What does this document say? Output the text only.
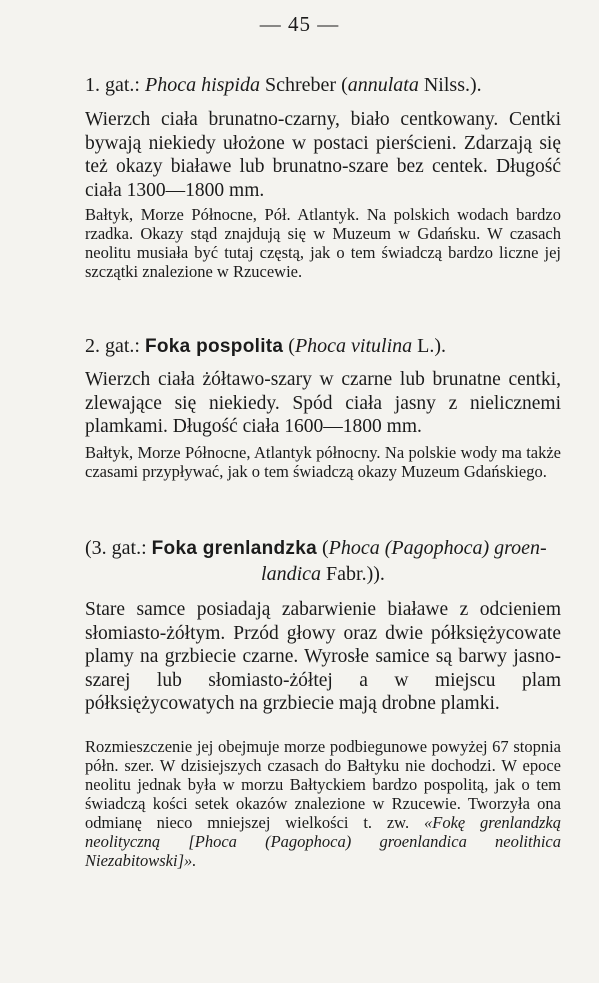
— 45 —
1. gat.: Phoca hispida Schreber (annulata Nilss.).
Wierzch ciała brunatno-czarny, biało centkowany. Centki bywają niekiedy ułożone w postaci pierścieni. Zdarzają się też okazy białawe lub brunatno-szare bez centek. Długość ciała 1300—1800 mm.
Bałtyk, Morze Północne, Pół. Atlantyk. Na polskich wodach bardzo rzadka. Okazy stąd znajdują się w Muzeum w Gdańsku. W czasach neolitu musiała być tutaj częstą, jak o tem świadczą bardzo liczne jej szczątki znalezione w Rzucewie.
2. gat.: Foka pospolita (Phoca vitulina L.).
Wierzch ciała żółtawo-szary w czarne lub brunatne centki, zlewające się niekiedy. Spód ciała jasny z nielicznemi plamkami. Długość ciała 1600—1800 mm.
Bałtyk, Morze Północne, Atlantyk północny. Na polskie wody ma także czasami przypływać, jak o tem świadczą okazy Muzeum Gdańskiego.
(3. gat.: Foka grenlandzka (Phoca (Pagophoca) groen-
landica Fabr.)).
Stare samce posiadają zabarwienie białawe z odcieniem słomiasto-żółtym. Przód głowy oraz dwie półksiężycowate plamy na grzbiecie czarne. Wyrosłe samice są barwy jasno-szarej lub słomiasto-żółtej a w miejscu plam półksiężycowatych na grzbiecie mają drobne plamki.
Rozmieszczenie jej obejmuje morze podbiegunowe powyżej 67 stopnia półn. szer. W dzisiejszych czasach do Bałtyku nie dochodzi. W epoce neolitu jednak była w morzu Bałtyckiem bardzo pospolitą, jak o tem świadczą kości setek okazów znalezione w Rzucewie. Tworzyła ona odmianę nieco mniejszej wielkości t. zw. «Fokę grenlandzką neolityczną [Phoca (Pagophoca) groenlandica neolithica Niezabitowski]».
